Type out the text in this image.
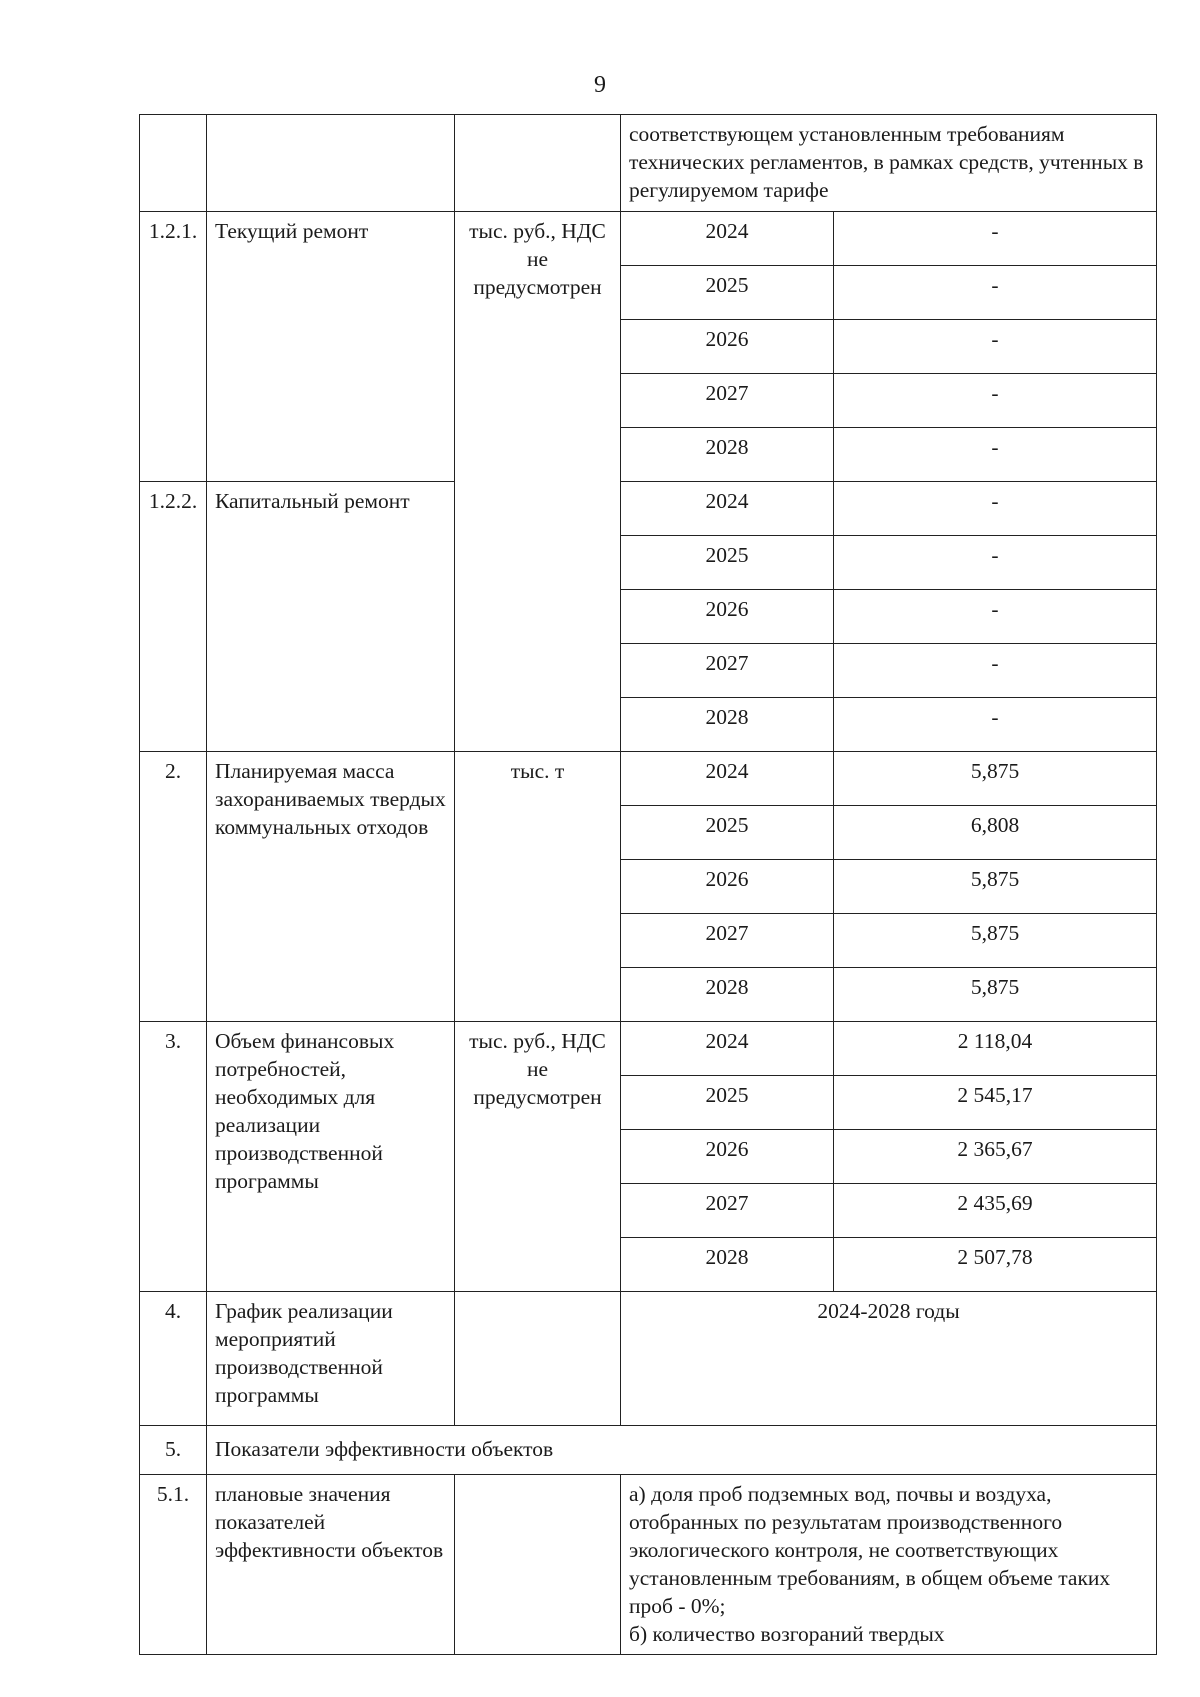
9
			соответствующем установленным требованиям технических регламентов, в рамках средств, учтенных в регулируемом тарифе	
1.2.1.	Текущий ремонт	тыс. руб., НДС не предусмотрен	2024	-
			2025	-
			2026	-
			2027	-
			2028	-
1.2.2.	Капитальный ремонт		2024	-
			2025	-
			2026	-
			2027	-
			2028	-
2.	Планируемая масса захораниваемых твердых коммунальных отходов	тыс. т	2024	5,875
			2025	6,808
			2026	5,875
			2027	5,875
			2028	5,875
3.	Объем финансовых потребностей, необходимых для реализации производственной программы	тыс. руб., НДС не предусмотрен	2024	2 118,04
			2025	2 545,17
			2026	2 365,67
			2027	2 435,69
			2028	2 507,78
4.	График реализации мероприятий производственной программы		2024-2028 годы	
5.	Показатели эффективности объектов			
5.1.	плановые значения показателей эффективности объектов		а) доля проб подземных вод, почвы и воздуха, отобранных по результатам производственного экологического контроля, не соответствующих установленным требованиям, в общем объеме таких проб - 0%;
б) количество возгораний твердых	
